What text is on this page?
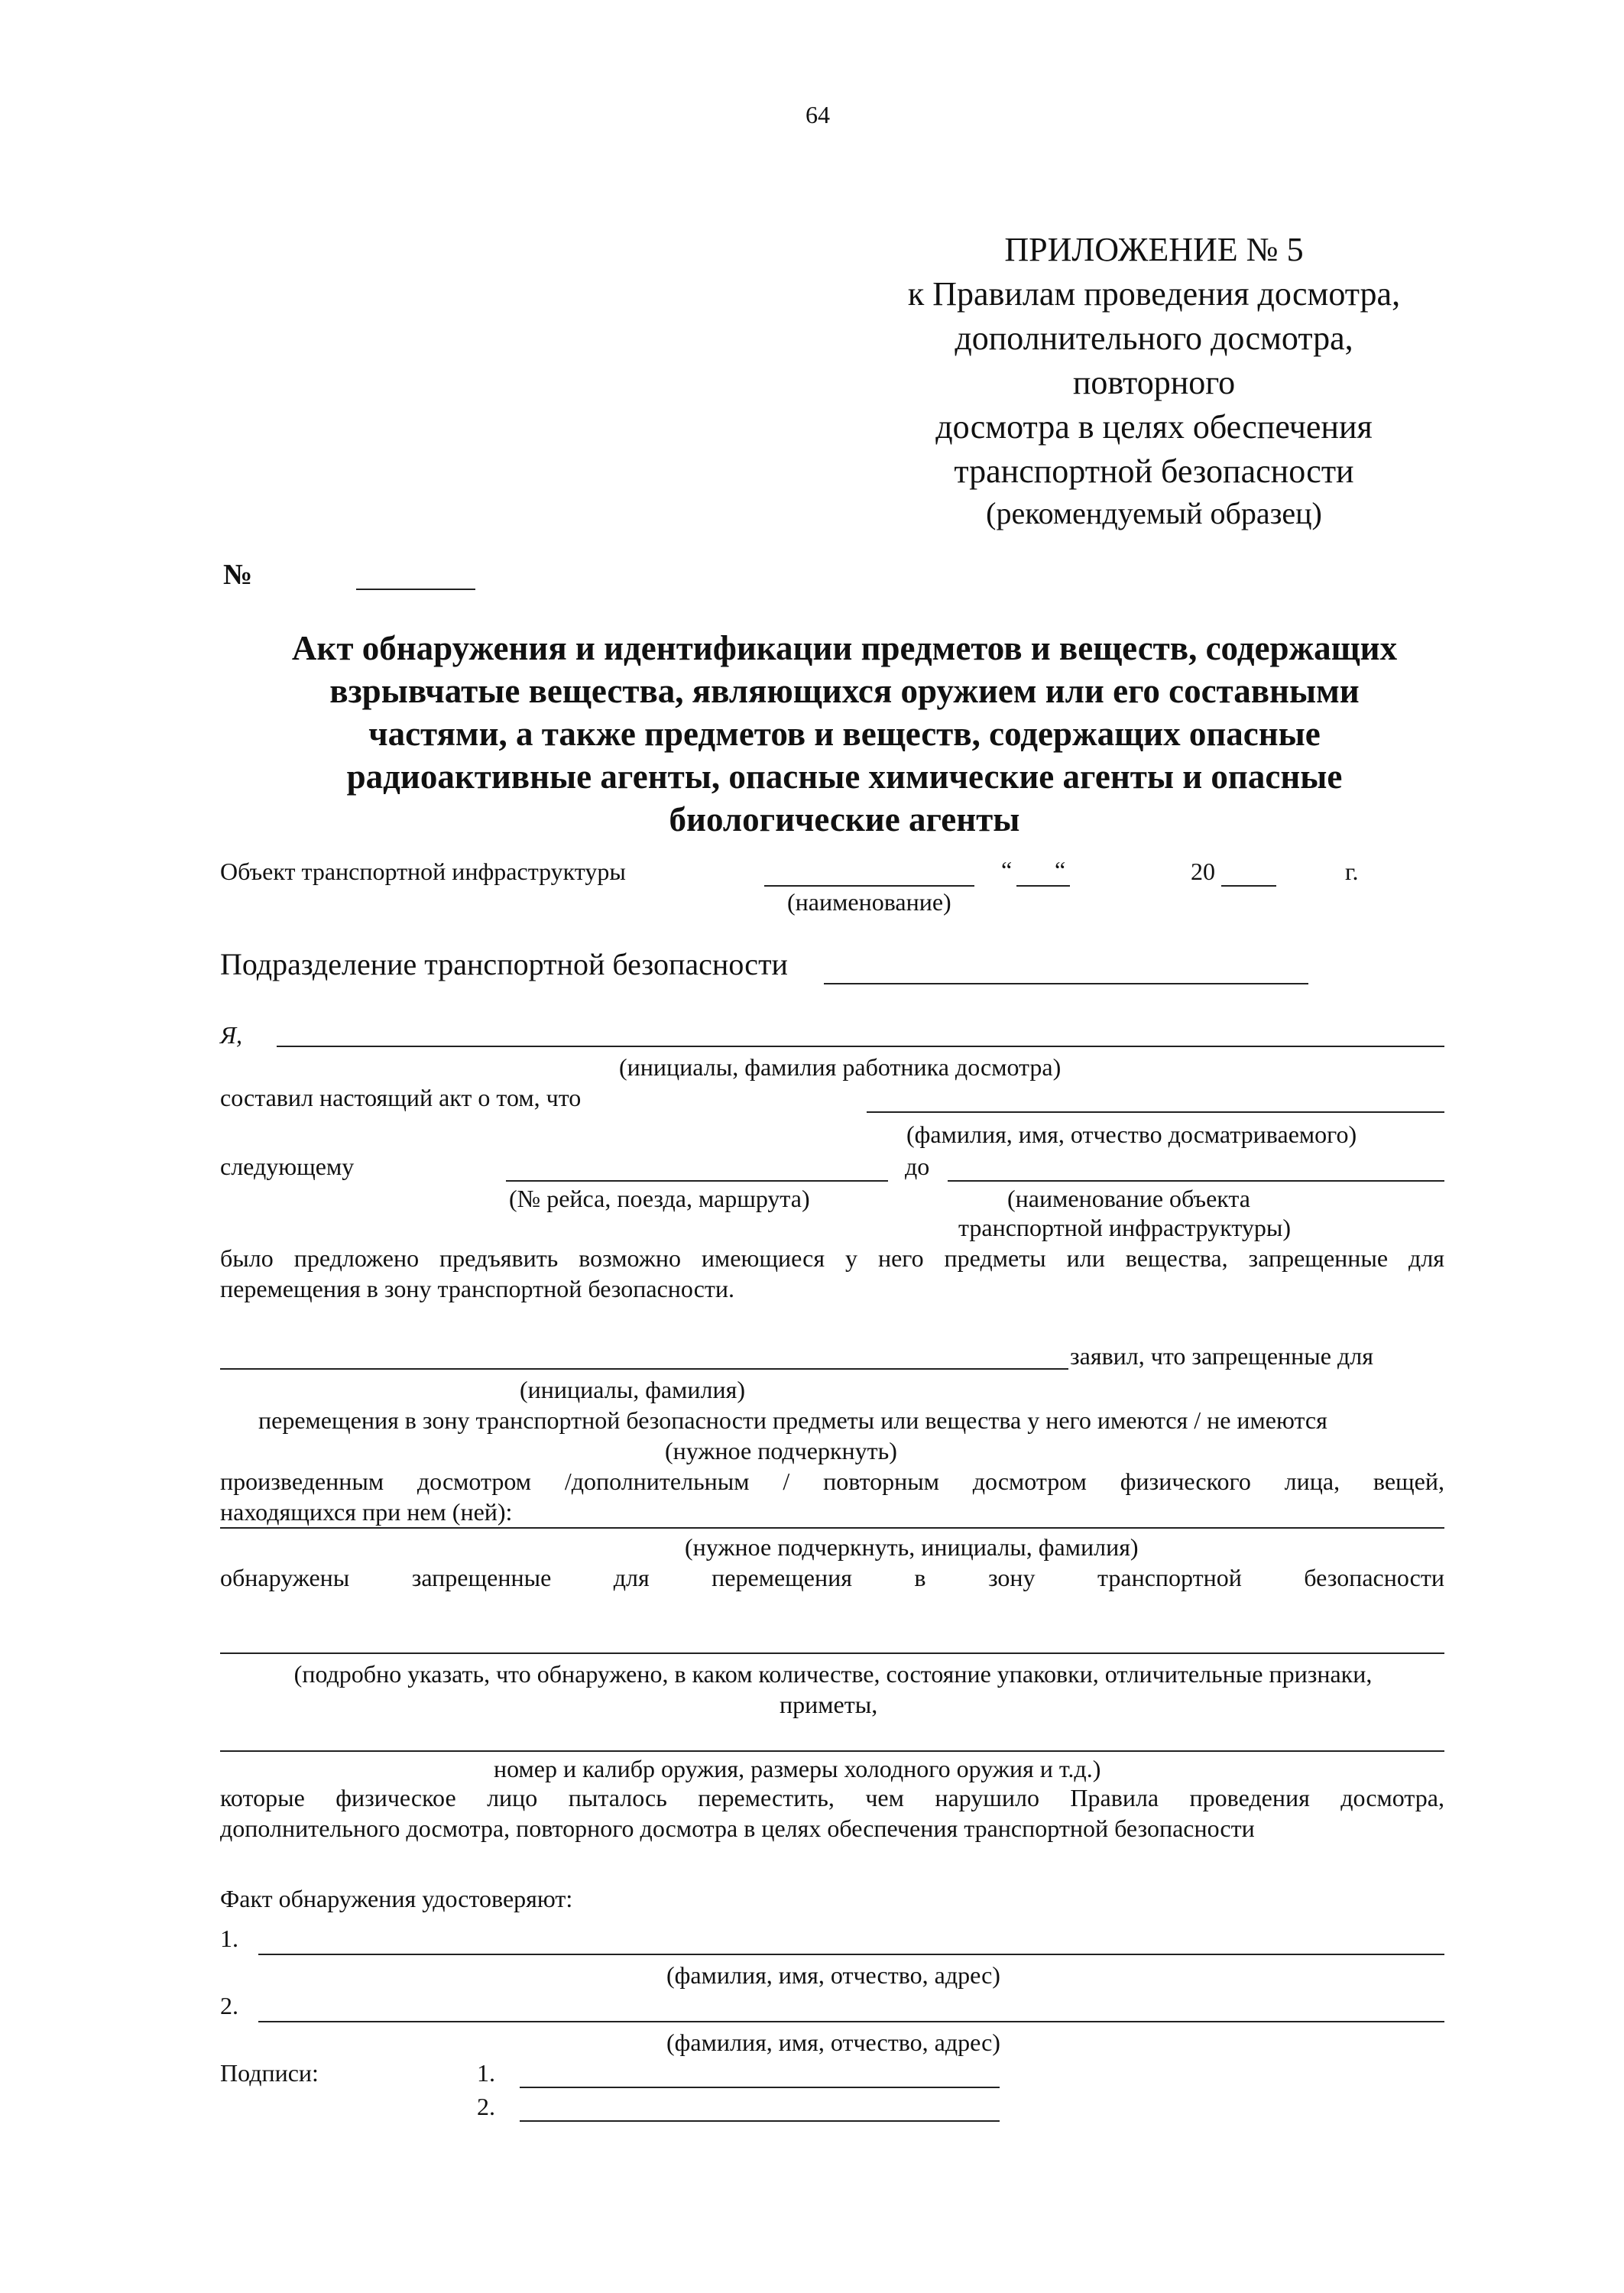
64
ПРИЛОЖЕНИЕ № 5
к Правилам проведения досмотра,
дополнительного досмотра,
повторного
досмотра в целях обеспечения
транспортной безопасности
(рекомендуемый образец)
№
Акт обнаружения и идентификации предметов и веществ, содержащих
взрывчатые вещества, являющихся оружием или его составными
частями, а также предметов и веществ, содержащих опасные
радиоактивные агенты, опасные химические агенты и опасные
биологические агенты
Объект транспортной инфраструктуры	“ “	20	г.
(наименование)
Подразделение транспортной безопасности
Я,
(инициалы, фамилия работника досмотра)
составил настоящий акт о том, что
(фамилия, имя, отчество досматриваемого)
следующему	до
(№ рейса, поезда, маршрута)	(наименование объекта
транспортной инфраструктуры)
было предложено предъявить возможно имеющиеся у него предметы или вещества, запрещенные для
перемещения в зону транспортной безопасности.
заявил, что запрещенные для
(инициалы, фамилия)
перемещения в зону транспортной безопасности предметы или вещества у него имеются / не имеются
(нужное подчеркнуть)
произведенным досмотром /дополнительным / повторным досмотром физического лица, вещей,
находящихся при нем (ней):
(нужное подчеркнуть, инициалы, фамилия)
обнаружены	запрещенные	для	перемещения	в	зону	транспортной	безопасности
(подробно указать, что обнаружено, в каком количестве, состояние упаковки, отличительные признаки,
приметы,
номер и калибр оружия, размеры холодного оружия и т.д.)
которые физическое лицо пыталось переместить, чем нарушило Правила проведения досмотра,
дополнительного досмотра, повторного досмотра в целях обеспечения транспортной безопасности
Факт обнаружения удостоверяют:
1.
(фамилия, имя, отчество, адрес)
2.
(фамилия, имя, отчество, адрес)
Подписи:	1.
2.
